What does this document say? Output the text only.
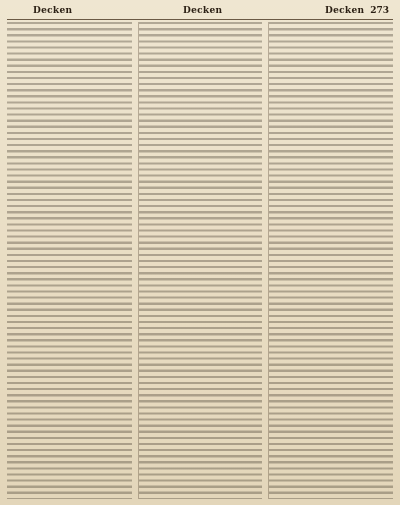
Decken	Decken	Decken 273
